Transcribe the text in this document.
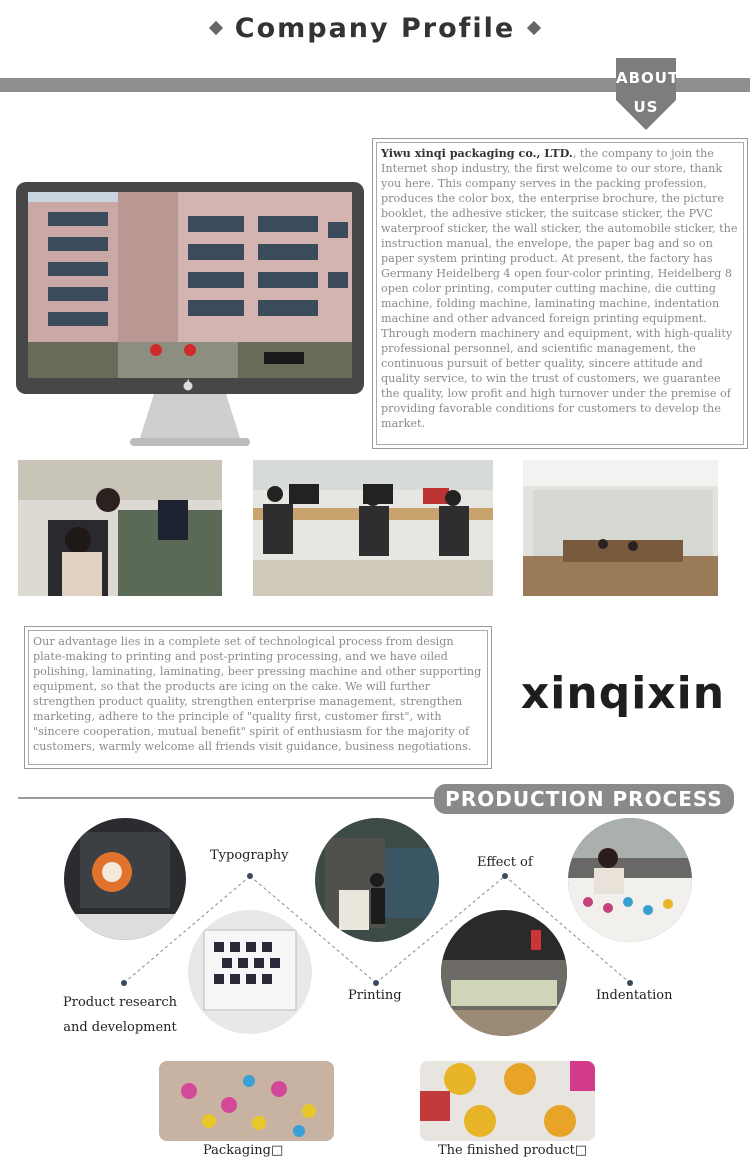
Company Profile
ABOUT
US
Yiwu xinqi packaging co., LTD., the company to join the Internet shop industry, the first welcome to our store, thank you here. This company serves in the packing profession, produces the color box, the enterprise brochure, the picture booklet, the adhesive sticker, the suitcase sticker, the PVC waterproof sticker, the wall sticker, the automobile sticker, the instruction manual, the envelope, the paper bag and so on paper system printing product. At present, the factory has Germany Heidelberg 4 open four-color printing, Heidelberg 8 open color printing, computer cutting machine, die cutting machine, folding machine, laminating machine, indentation machine and other advanced foreign printing equipment. Through modern machinery and equipment, with high-quality professional personnel, and scientific management, the continuous pursuit of better quality, sincere attitude and quality service, to win the trust of customers, we guarantee the quality, low profit and high turnover under the premise of providing favorable conditions for customers to develop the market.
Our advantage lies in a complete set of technological process from design plate-making to printing and post-printing processing, and we have oiled polishing, laminating, laminating, beer pressing machine and other supporting equipment, so that the products are icing on the cake. We will further strengthen product quality, strengthen enterprise management, strengthen marketing, adhere to the principle of "quality first, customer first", with "sincere cooperation, mutual benefit" spirit of enthusiasm for the majority of customers, warmly welcome all friends visit guidance, business negotiations.
xinqixin
PRODUCTION PROCESS
Typography	Effect of
Product research and development
Printing	Indentation
Packaging□	The finished product□
